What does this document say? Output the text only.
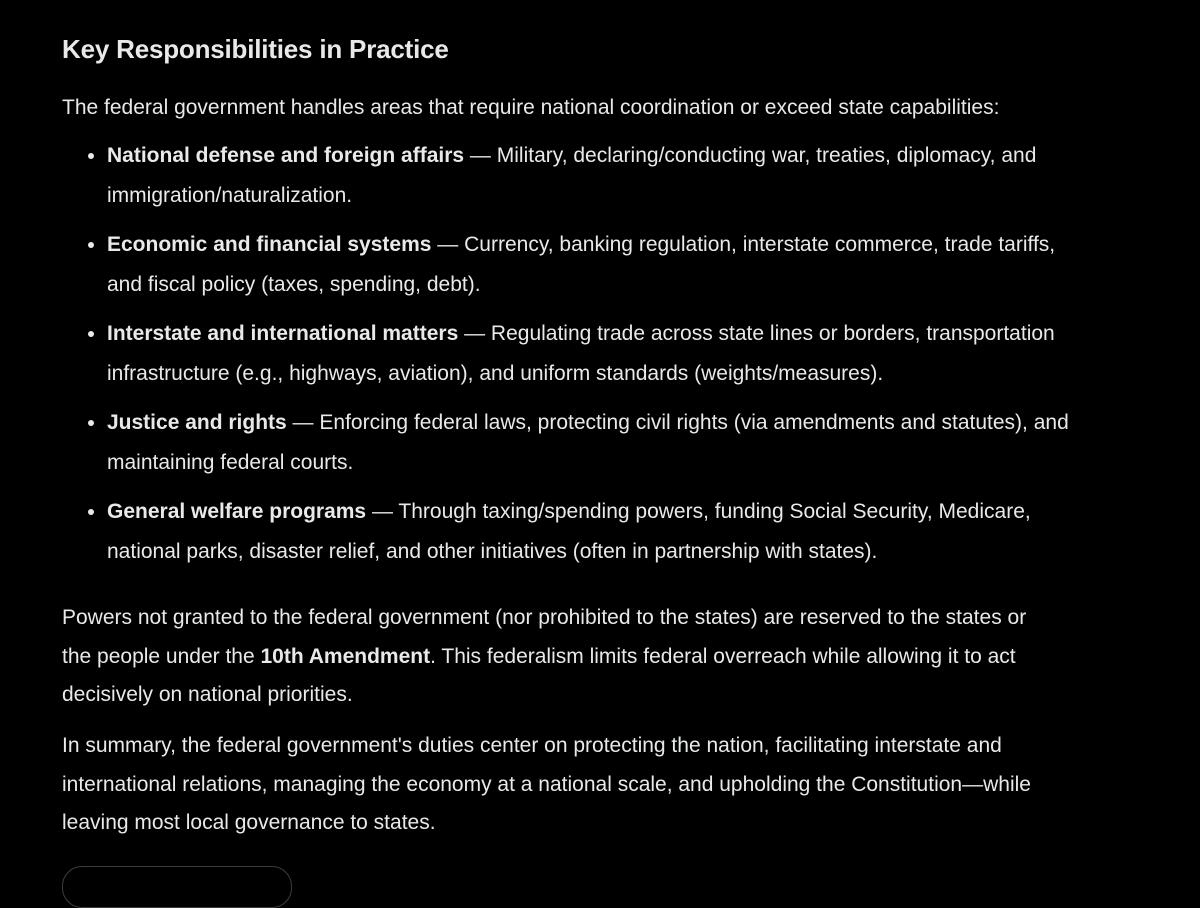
Key Responsibilities in Practice

The federal government handles areas that require national coordination or exceed state capabilities:

National defense and foreign affairs — Military, declaring/conducting war, treaties, diplomacy, and
immigration/naturalization.
Economic and financial systems — Currency, banking regulation, interstate commerce, trade tariffs,
and fiscal policy (taxes, spending, debt).
Interstate and international matters — Regulating trade across state lines or borders, transportation
infrastructure (e.g., highways, aviation), and uniform standards (weights/measures).
Justice and rights — Enforcing federal laws, protecting civil rights (via amendments and statutes), and
maintaining federal courts.
General welfare programs — Through taxing/spending powers, funding Social Security, Medicare,
national parks, disaster relief, and other initiatives (often in partnership with states).

Powers not granted to the federal government (nor prohibited to the states) are reserved to the states or
the people under the 10th Amendment. This federalism limits federal overreach while allowing it to act
decisively on national priorities.

In summary, the federal government's duties center on protecting the nation, facilitating interstate and
international relations, managing the economy at a national scale, and upholding the Constitution—while
leaving most local governance to states.
